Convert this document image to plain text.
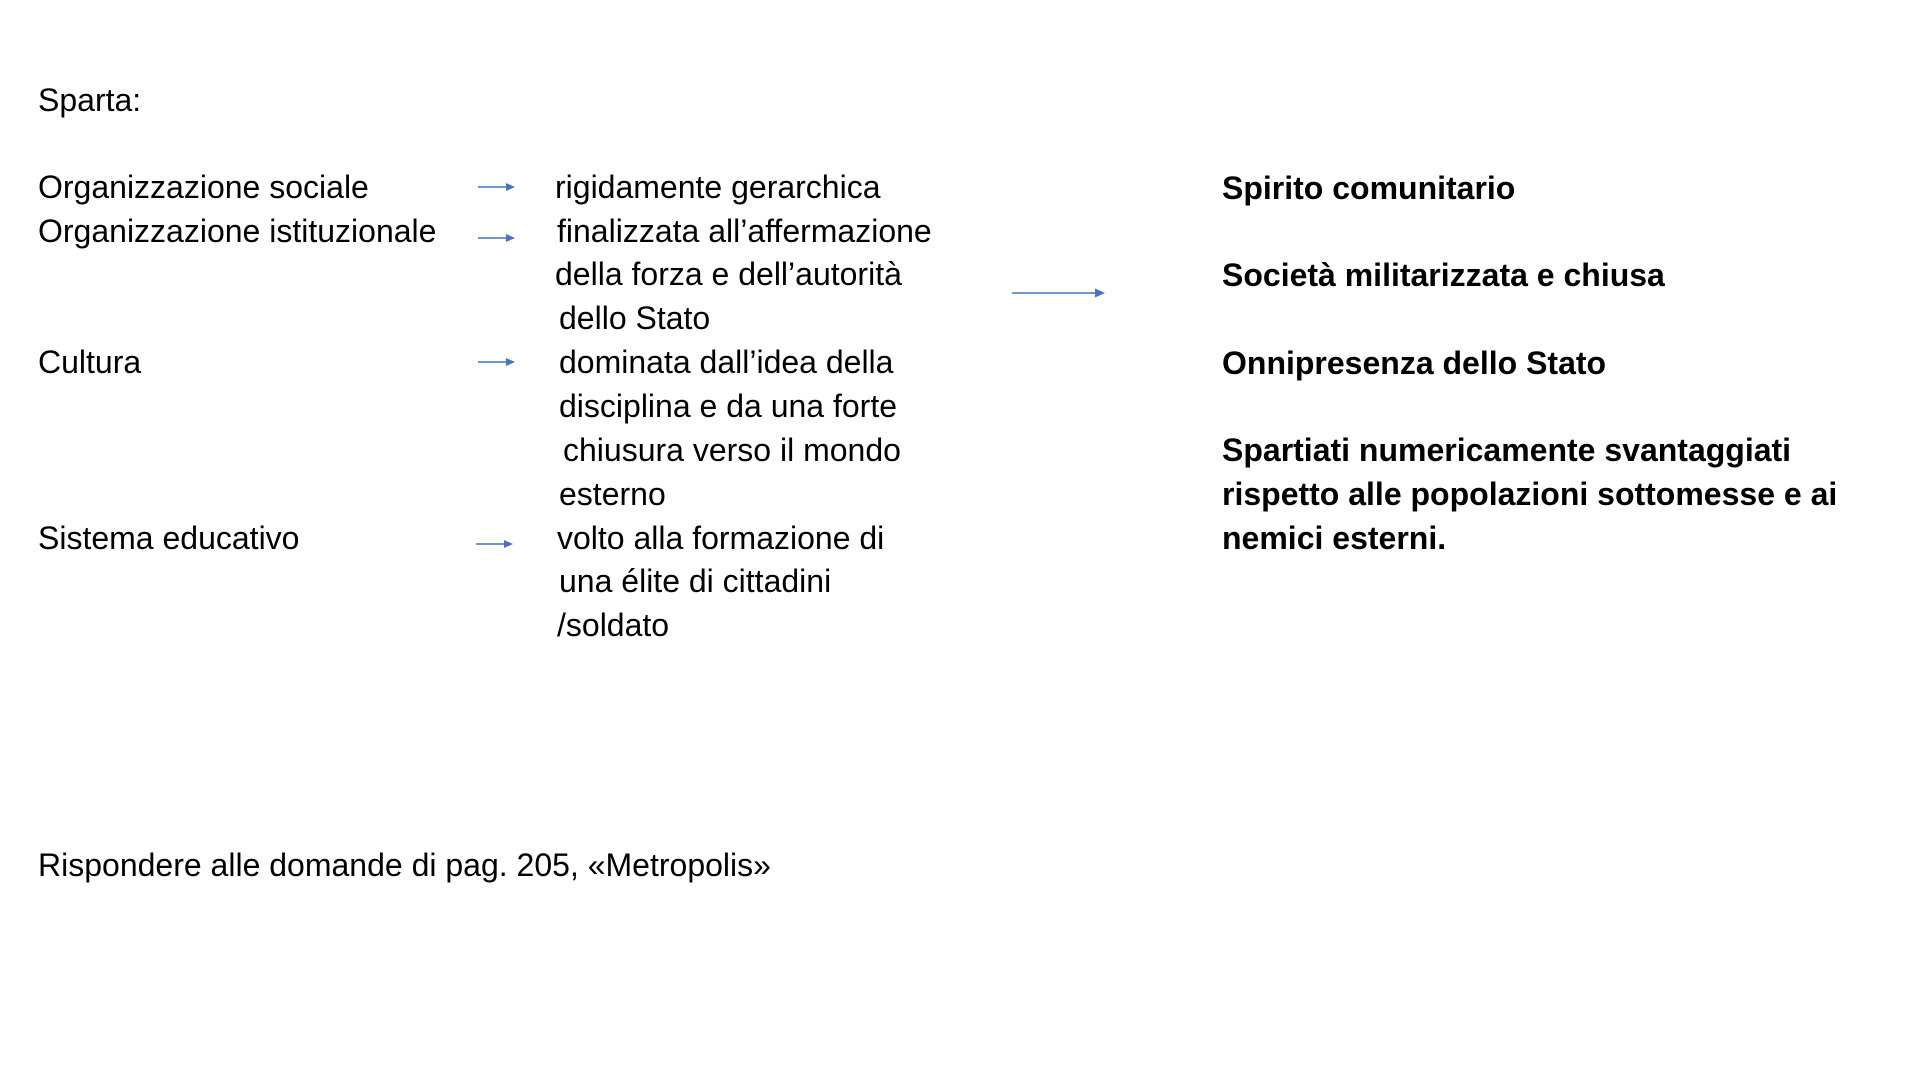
Sparta:

Organizzazione sociale

Organizzazione istituzionale

Cultura

Sistema educativo

rigidamente gerarchica

finalizzata all’affermazione

della forza e dell’autorità

dello Stato

dominata dall’idea della

disciplina e da una forte

chiusura verso il mondo

esterno

volto alla formazione di

una élite di cittadini

/soldato

Spirito comunitario

Società militarizzata e chiusa

Onnipresenza dello Stato

Spartiati numericamente svantaggiati

rispetto alle popolazioni sottomesse e ai

nemici esterni.

Rispondere alle domande di pag. 205, «Metropolis»
